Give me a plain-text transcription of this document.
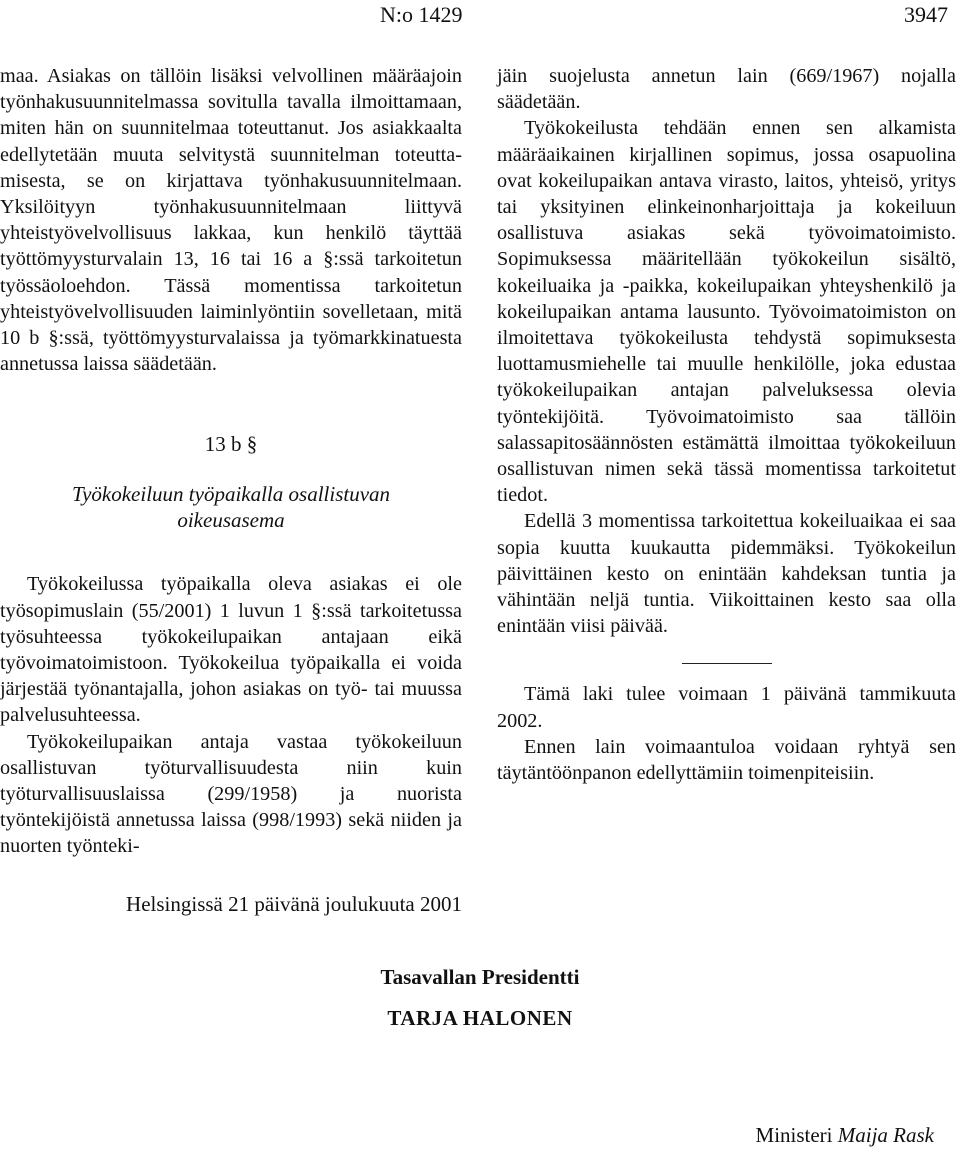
N:o 1429	3947

maa. Asiakas on tällöin lisäksi velvollinen määräajoin työnhakusuunnitelmassa sovitulla tavalla ilmoittamaan, miten hän on suunnitelmaa toteuttanut. Jos asiakkaalta edellytetään muuta selvitystä suunnitelman toteuttamisesta, se on kirjattava työnhakusuunnitelmaan. Yksilöityyn työnhakusuunnitelmaan liittyvä yhteistyövelvollisuus lakkaa, kun henkilö täyttää työttömyysturvalain 13, 16 tai 16 a §:ssä tarkoitetun työssäoloehdon. Tässä momentissa tarkoitetun yhteistyövelvollisuuden laiminlyöntiin sovelletaan, mitä 10 b §:ssä, työttömyysturvalaissa ja työmarkkinatuesta annetussa laissa säädetään.

13 b §
Työkokeiluun työpaikalla osallistuvan
oikeusasema

Työkokeilussa työpaikalla oleva asiakas ei ole työsopimuslain (55/2001) 1 luvun 1 §:ssä tarkoitetussa työsuhteessa työkokeilupaikan antajaan eikä työvoimatoimistoon. Työkokeilua työpaikalla ei voida järjestää työnantajalla, johon asiakas on työ- tai muussa palvelusuhteessa.

Työkokeilupaikan antaja vastaa työkokeiluun osallistuvan työturvallisuudesta niin kuin työturvallisuuslaissa (299/1958) ja nuorista työntekijöistä annetussa laissa (998/1993) sekä niiden ja nuorten työnteki-

jäin suojelusta annetun lain (669/1967) nojalla säädetään.

Työkokeilusta tehdään ennen sen alkamista määräaikainen kirjallinen sopimus, jossa osapuolina ovat kokeilupaikan antava virasto, laitos, yhteisö, yritys tai yksityinen elinkeinonharjoittaja ja kokeiluun osallistuva asiakas sekä työvoimatoimisto. Sopimuksessa määritellään työkokeilun sisältö, kokeiluaika ja -paikka, kokeilupaikan yhteyshenkilö ja kokeilupaikan antama lausunto. Työvoimatoimiston on ilmoitettava työkokeilusta tehdystä sopimuksesta luottamusmiehelle tai muulle henkilölle, joka edustaa työkokeilupaikan antajan palveluksessa olevia työntekijöitä. Työvoimatoimisto saa tällöin salassapitosäännösten estämättä ilmoittaa työkokeiluun osallistuvan nimen sekä tässä momentissa tarkoitetut tiedot.

Edellä 3 momentissa tarkoitettua kokeiluaikaa ei saa sopia kuutta kuukautta pidemmäksi. Työkokeilun päivittäinen kesto on enintään kahdeksan tuntia ja vähintään neljä tuntia. Viikoittainen kesto saa olla enintään viisi päivää.

Tämä laki tulee voimaan 1 päivänä tammikuuta 2002.

Ennen lain voimaantuloa voidaan ryhtyä sen täytäntöönpanon edellyttämiin toimenpiteisiin.

Helsingissä 21 päivänä joulukuuta 2001
Tasavallan Presidentti
TARJA HALONEN
Ministeri Maija Rask
